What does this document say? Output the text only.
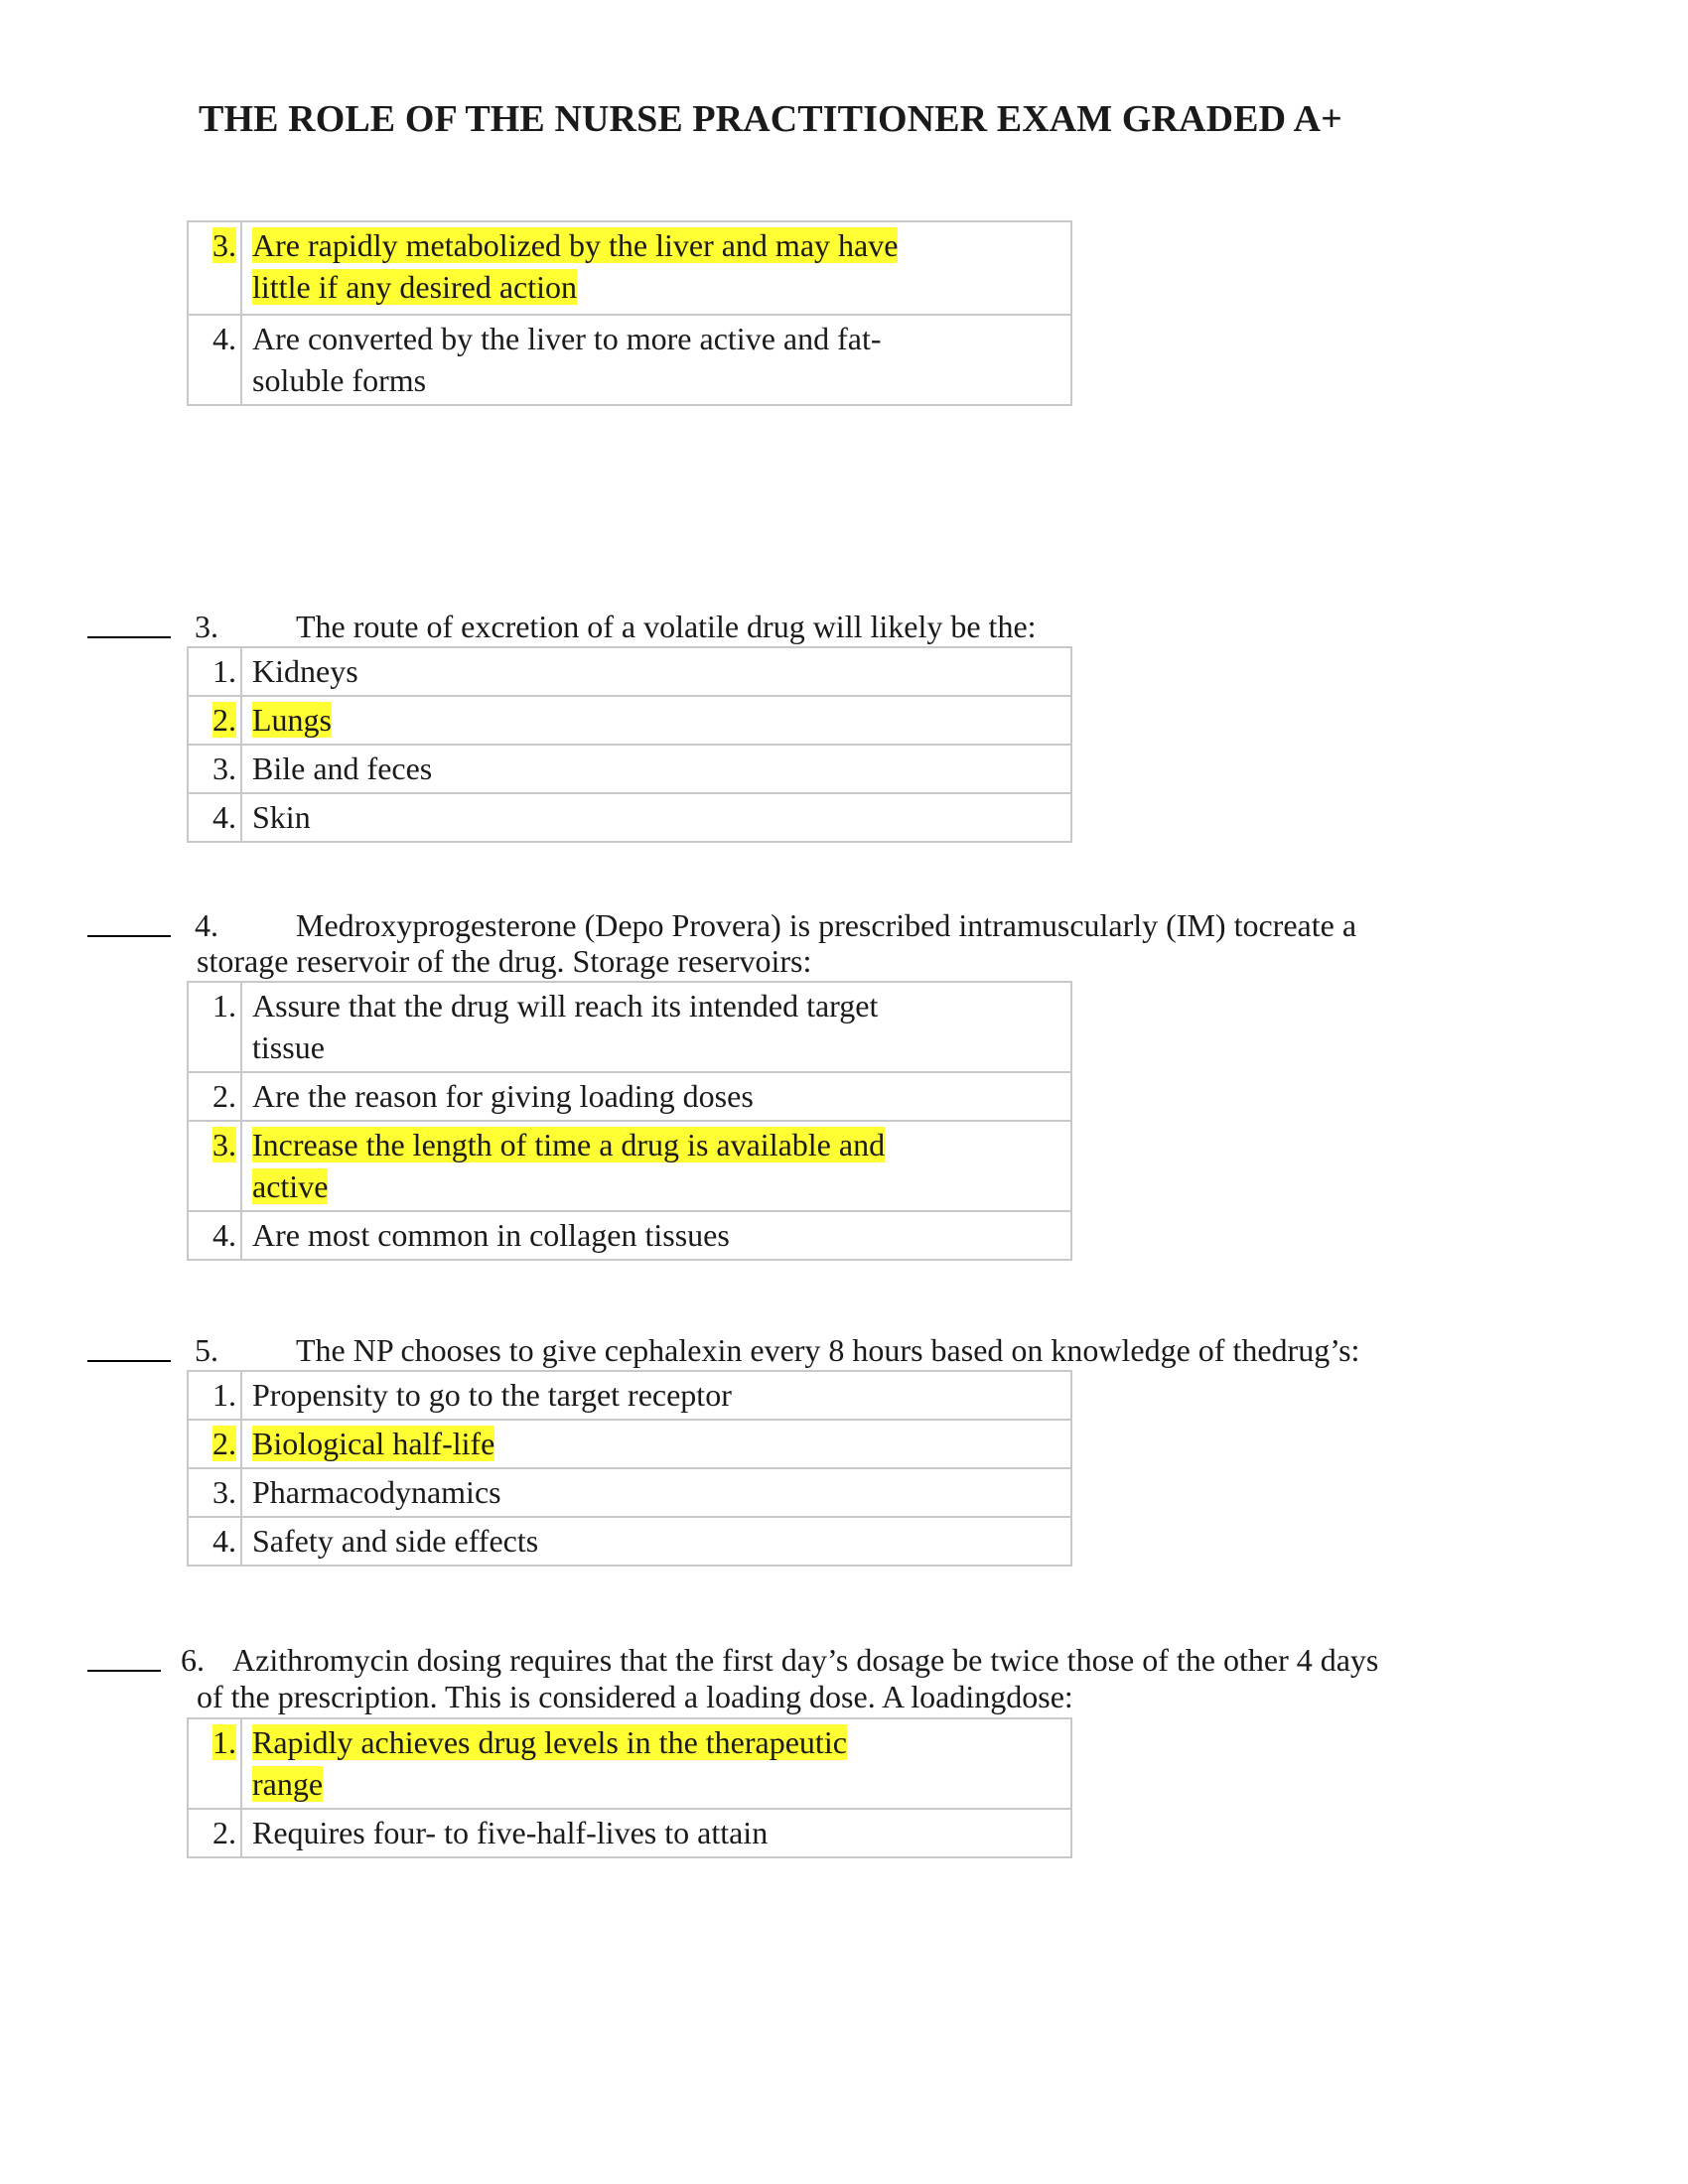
THE ROLE OF THE NURSE PRACTITIONER EXAM GRADED A+
3.	Are rapidly metabolized by the liver and may have
little if any desired action

4.	Are converted by the liver to more active and fat-
soluble forms
3. The route of excretion of a volatile drug will likely be the:
1.	Kidneys

2.	Lungs

3.	Bile and feces

4.	Skin
4. Medroxyprogesterone (Depo Provera) is prescribed intramuscularly (IM) tocreate a
storage reservoir of the drug. Storage reservoirs:
1.	Assure that the drug will reach its intended target
tissue

2.	Are the reason for giving loading doses

3.	Increase the length of time a drug is available and
active

4.	Are most common in collagen tissues
5. The NP chooses to give cephalexin every 8 hours based on knowledge of thedrug’s:
1.	Propensity to go to the target receptor

2.	Biological half-life

3.	Pharmacodynamics

4.	Safety and side effects
6. Azithromycin dosing requires that the first day’s dosage be twice those of the other 4 days
of the prescription. This is considered a loading dose. A loadingdose:
1.	Rapidly achieves drug levels in the therapeutic
range

2.	Requires four- to five-half-lives to attain
